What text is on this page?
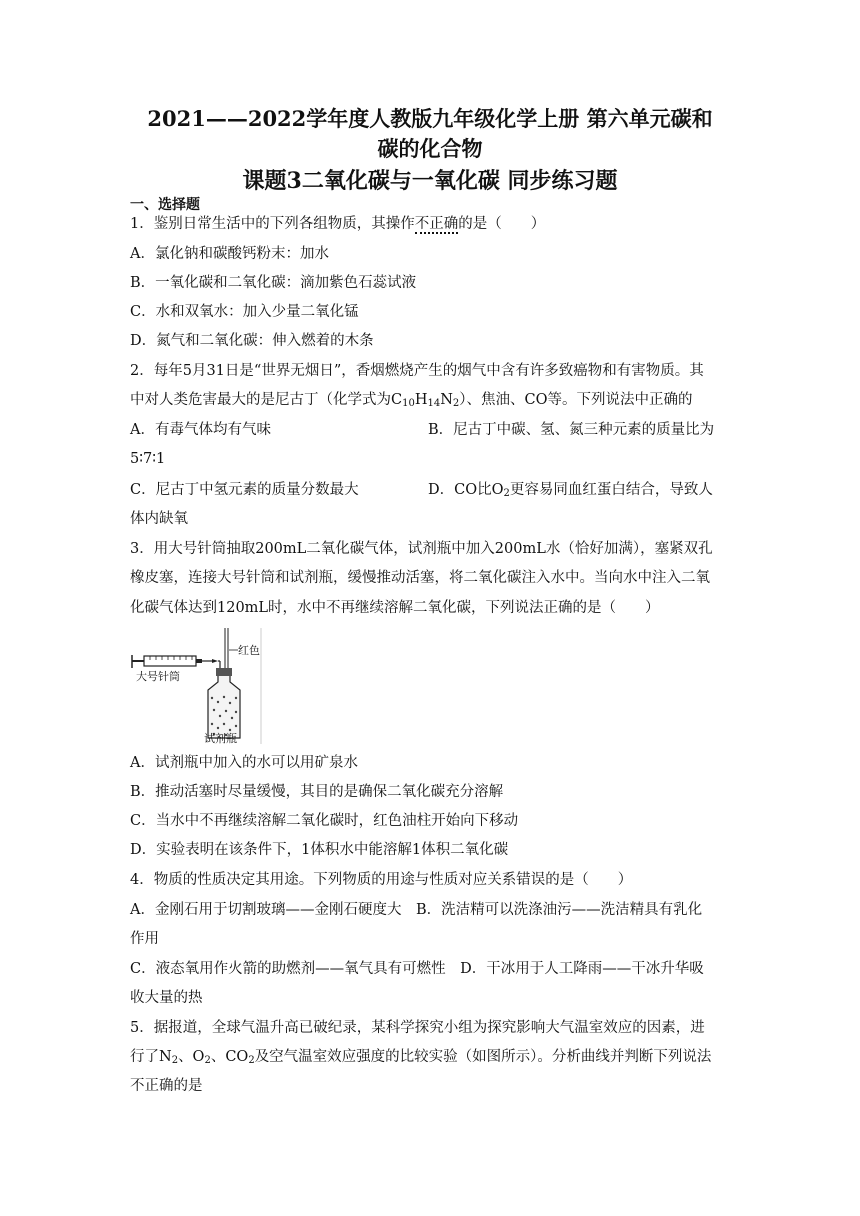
2021——2022学年度人教版九年级化学上册 第六单元碳和
碳的化合物
课题3二氧化碳与一氧化碳 同步练习题
一、选择题
1．鉴别日常生活中的下列各组物质，其操作不正确的是（　　）
A．氯化钠和碳酸钙粉末：加水
B．一氧化碳和二氧化碳：滴加紫色石蕊试液
C．水和双氧水：加入少量二氧化锰
D．氮气和二氧化碳：伸入燃着的木条
2．每年5月31日是“世界无烟日”，香烟燃烧产生的烟气中含有许多致癌物和有害物质。其
中对人类危害最大的是尼古丁（化学式为$C_{10}H_{14}N_2$）、焦油、CO等。下列说法中正确的
A．有毒气体均有气味	B．尼古丁中碳、氢、氮三种元素的质量比为
5∶7∶1
C．尼古丁中氢元素的质量分数最大	D．CO比$O_2$更容易同血红蛋白结合，导致人
体内缺氧
3．用大号针筒抽取200mL二氧化碳气体，试剂瓶中加入200mL水（恰好加满），塞紧双孔
橡皮塞，连接大号针筒和试剂瓶，缓慢推动活塞，将二氧化碳注入水中。当向水中注入二氧
化碳气体达到120mL时，水中不再继续溶解二氧化碳，下列说法正确的是（　　）
红色
大号针筒
试剂瓶
A．试剂瓶中加入的水可以用矿泉水
B．推动活塞时尽量缓慢，其目的是确保二氧化碳充分溶解
C．当水中不再继续溶解二氧化碳时，红色油柱开始向下移动
D．实验表明在该条件下，1体积水中能溶解1体积二氧化碳
4．物质的性质决定其用途。下列物质的用途与性质对应关系错误的是（　　）
A．金刚石用于切割玻璃——金刚石硬度大　B．洗洁精可以洗涤油污——洗洁精具有乳化
作用
C．液态氧用作火箭的助燃剂——氧气具有可燃性　D．干冰用于人工降雨——干冰升华吸
收大量的热
5．据报道，全球气温升高已破纪录，某科学探究小组为探究影响大气温室效应的因素，进
行了$N_2$、$O_2$、$CO_2$及空气温室效应强度的比较实验（如图所示）。分析曲线并判断下列说法
不正确的是
